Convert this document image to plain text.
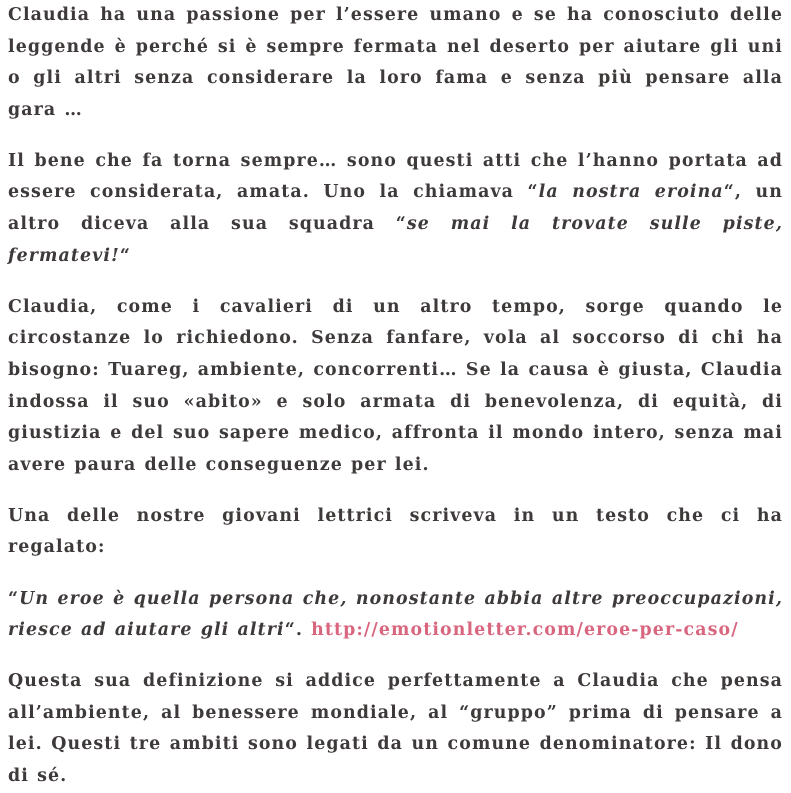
Claudia ha una passione per l’essere umano e se ha conosciuto delle leggende è perché si è sempre fermata nel deserto per aiutare gli uni o gli altri senza considerare la loro fama e senza più pensare alla gara …

Il bene che fa torna sempre… sono questi atti che l’hanno portata ad essere considerata, amata. Uno la chiamava “la nostra eroina“, un altro diceva alla sua squadra “se mai la trovate sulle piste, fermatevi!“

Claudia, come i cavalieri di un altro tempo, sorge quando le circostanze lo richiedono. Senza fanfare, vola al soccorso di chi ha bisogno: Tuareg, ambiente, concorrenti… Se la causa è giusta, Claudia indossa il suo «abito» e solo armata di benevolenza, di equità, di giustizia e del suo sapere medico, affronta il mondo intero, senza mai avere paura delle conseguenze per lei.

Una delle nostre giovani lettrici scriveva in un testo che ci ha regalato:

“Un eroe è quella persona che, nonostante abbia altre preoccupazioni, riesce ad aiutare gli altri“. http://emotionletter.com/eroe-per-caso/

Questa sua definizione si addice perfettamente a Claudia che pensa all’ambiente, al benessere mondiale, al “gruppo” prima di pensare a lei. Questi tre ambiti sono legati da un comune denominatore: Il dono di sé.
